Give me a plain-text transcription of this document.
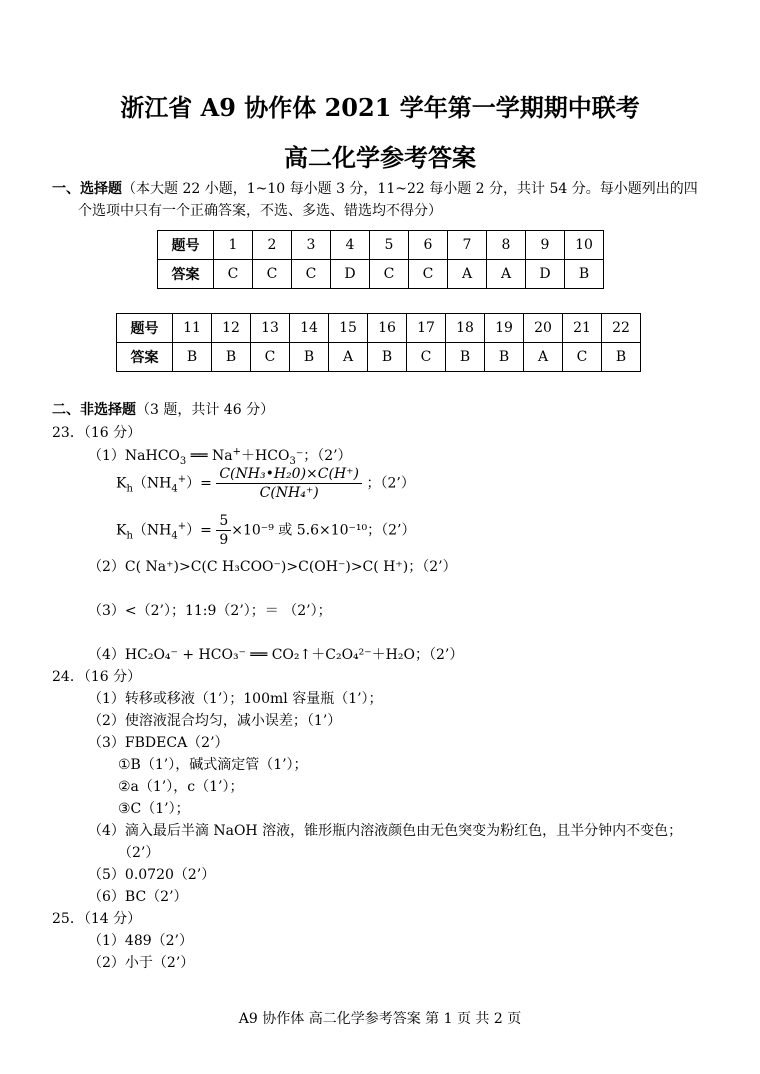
浙江省 A9 协作体 2021 学年第一学期期中联考
高二化学参考答案
一、选择题（本大题 22 小题，1~10 每小题 3 分，11~22 每小题 2 分，共计 54 分。每小题列出的四
个选项中只有一个正确答案，不选、多选、错选均不得分）
题号	1	2	3	4	5	6	7	8	9	10
答案	C	C	C	D	C	C	A	A	D	B
题号	11	12	13	14	15	16	17	18	19	20	21	22
答案	B	B	C	B	A	B	C	B	B	A	C	B
二、非选择题（3 题，共计 46 分）
23．（16 分）
（1）NaHCO$_3$ ══ $Na^++HCO_3^-$；（2’）
$K_h(NH_4^+)= \frac{\text{C(NH₃•H₂0)×C(H⁺)}}{\text{C(NH₄⁺)}}$ ；（2’）
$K_h(NH_4^+)= \frac{5}{9} \times 10^{-9}$ 或 5.6×10⁻¹⁰；（2’）
（2）C( Na⁺)>C(C H₃COO⁻)>C(OH⁻)>C( H⁺)；（2’）
（3）<（2’）；11:9（2’）；＝ （2’）；
（4）HC₂O₄⁻ + HCO₃⁻ ══ CO₂↑＋C₂O₄²⁻＋H₂O；（2’）
24．（16 分）
（1）转移或移液（1’）；100ml 容量瓶（1’）；
（2）使溶液混合均匀，减小误差；（1’）
（3）FBDECA（2’）
①B（1’），碱式滴定管（1’）；
②a（1’），c（1’）；
③C（1’）；
（4）滴入最后半滴 NaOH 溶液，锥形瓶内溶液颜色由无色突变为粉红色，且半分钟内不变色；
（2’）
（5）0.0720（2’）
（6）BC（2’）
25．（14 分）
（1）489（2’）
（2）小于（2’）
A9 协作体 高二化学参考答案 第 1 页 共 2 页
